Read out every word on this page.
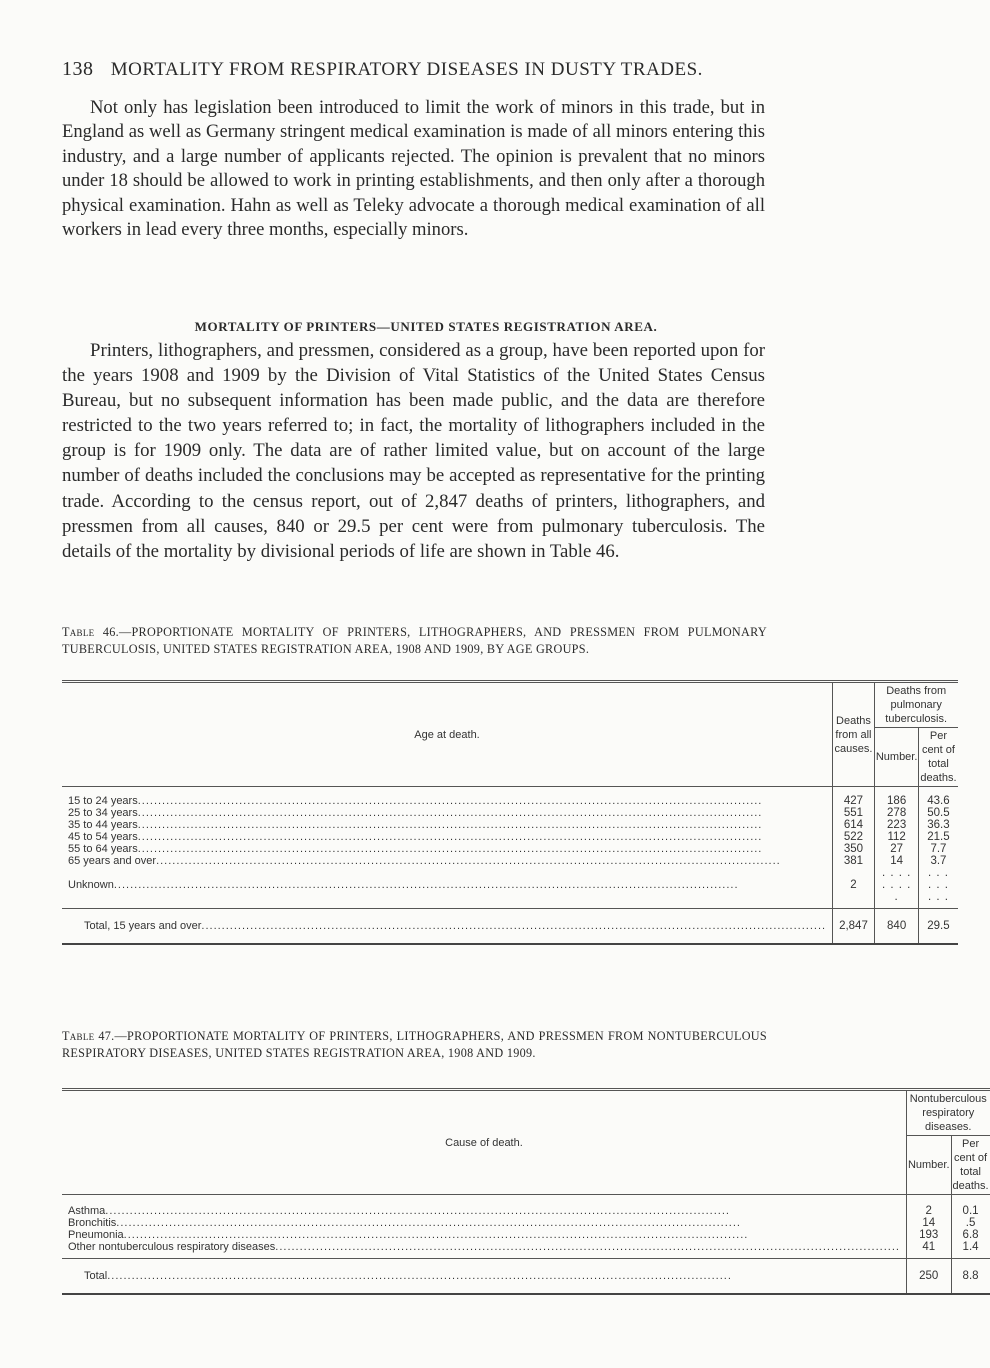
138 MORTALITY FROM RESPIRATORY DISEASES IN DUSTY TRADES.

Not only has legislation been introduced to limit the work of minors in this trade, but in England as well as Germany stringent medical examination is made of all minors entering this industry, and a large number of applicants rejected. The opinion is prevalent that no minors under 18 should be allowed to work in printing establishments, and then only after a thorough physical examination. Hahn as well as Teleky advocate a thorough medical examination of all workers in lead every three months, especially minors.

MORTALITY OF PRINTERS—UNITED STATES REGISTRATION AREA.

Printers, lithographers, and pressmen, considered as a group, have been reported upon for the years 1908 and 1909 by the Division of Vital Statistics of the United States Census Bureau, but no subsequent information has been made public, and the data are therefore restricted to the two years referred to; in fact, the mortality of lithographers included in the group is for 1909 only. The data are of rather limited value, but on account of the large number of deaths included the conclusions may be accepted as representative for the printing trade. According to the census report, out of 2,847 deaths of printers, lithographers, and pressmen from all causes, 840 or 29.5 per cent were from pulmonary tuberculosis. The details of the mortality by divisional periods of life are shown in Table 46.

Table 46.—PROPORTIONATE MORTALITY OF PRINTERS, LITHOGRAPHERS, AND PRESSMEN FROM PULMONARY TUBERCULOSIS, UNITED STATES REGISTRATION AREA, 1908 AND 1909, BY AGE GROUPS.
Age at death.	Deaths from all causes.	Deaths from pulmonary tuberculosis.	
		Number.	Per cent of total deaths.

15 to 24 years .....	427	186	43.6
25 to 34 years .....	551	278	50.5
35 to 44 years .....	614	223	36.3
45 to 54 years .....	522	112	21.5
55 to 64 years .....	350	27	7.7
65 years and over .....	381	14	3.7
Unknown .....	2	. . . . . . . . .	. . . . . . . . .

Total, 15 years and over .....	2,847	840	29.5
Table 47.—PROPORTIONATE MORTALITY OF PRINTERS, LITHOGRAPHERS, AND PRESSMEN FROM NONTUBERCULOUS RESPIRATORY DISEASES, UNITED STATES REGISTRATION AREA, 1908 AND 1909.
Cause of death.	Nontuberculous respiratory diseases.	
	Number.	Per cent of total deaths.

Asthma .....	2	0.1
Bronchitis .....	14	.5
Pneumonia .....	193	6.8
Other nontuberculous respiratory diseases .....	41	1.4

Total .....	250	8.8
